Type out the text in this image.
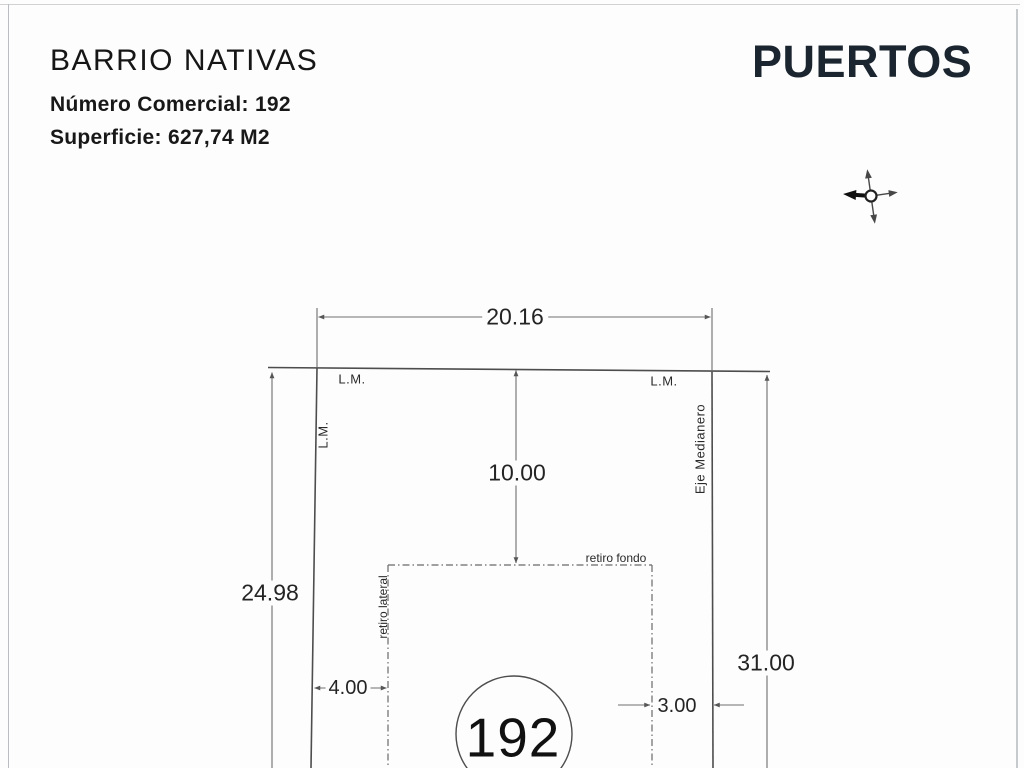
BARRIO NATIVAS
Número Comercial: 192
Superficie: 627,74 M2
PUERTOS
20.16
10.00
24.98
31.00
4.00
3.00
L.M.	L.M.
L.M.	Eje Medianero
retiro fondo
retiro lateral
192
